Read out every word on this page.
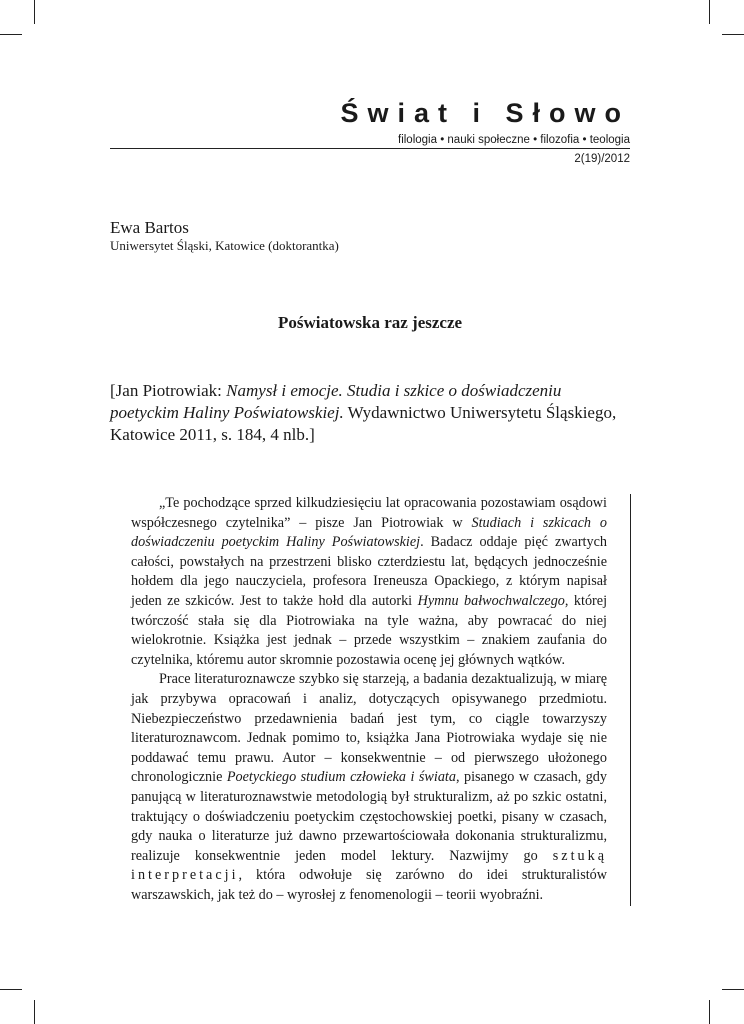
Świat i Słowo
filologia • nauki społeczne • filozofia • teologia
2(19)/2012
Ewa Bartos
Uniwersytet Śląski, Katowice (doktorantka)
Poświatowska raz jeszcze
[Jan Piotrowiak: Namysł i emocje. Studia i szkice o doświadczeniu poetyckim Haliny Poświatowskiej. Wydawnictwo Uniwersytetu Śląskiego, Katowice 2011, s. 184, 4 nlb.]

„Te pochodzące sprzed kilkudziesięciu lat opracowania pozostawiam osądowi współczesnego czytelnika” – pisze Jan Piotrowiak w Studiach i szkicach o doświadczeniu poetyckim Haliny Poświatowskiej. Badacz oddaje pięć zwartych całości, powstałych na przestrzeni blisko czterdziestu lat, będących jednocześnie hołdem dla jego nauczyciela, profesora Ireneusza Opackiego, z którym napisał jeden ze szkiców. Jest to także hołd dla autorki Hymnu bałwochwalczego, której twórczość stała się dla Piotrowiaka na tyle ważna, aby powracać do niej wielokrotnie. Książka jest jednak – przede wszystkim – znakiem zaufania do czytelnika, któremu autor skromnie pozostawia ocenę jej głównych wątków.

Prace literaturoznawcze szybko się starzeją, a badania dezaktualizują, w miarę jak przybywa opracowań i analiz, dotyczących opisywanego przedmiotu. Niebezpieczeństwo przedawnienia badań jest tym, co ciągle towarzyszy literaturoznawcom. Jednak pomimo to, książka Jana Piotrowiaka wydaje się nie poddawać temu prawu. Autor – konsekwentnie – od pierwszego ułożonego chronologicznie Poetyckiego studium człowieka i świata, pisanego w czasach, gdy panującą w literaturoznawstwie metodologią był strukturalizm, aż po szkic ostatni, traktujący o doświadczeniu poetyckim częstochowskiej poetki, pisany w czasach, gdy nauka o literaturze już dawno przewartościowała dokonania strukturalizmu, realizuje konsekwentnie jeden model lektury. Nazwijmy go sztuką interpretacji, która odwołuje się zarówno do idei strukturalistów warszawskich, jak też do – wyrosłej z fenomenologii – teorii wyobraźni.
